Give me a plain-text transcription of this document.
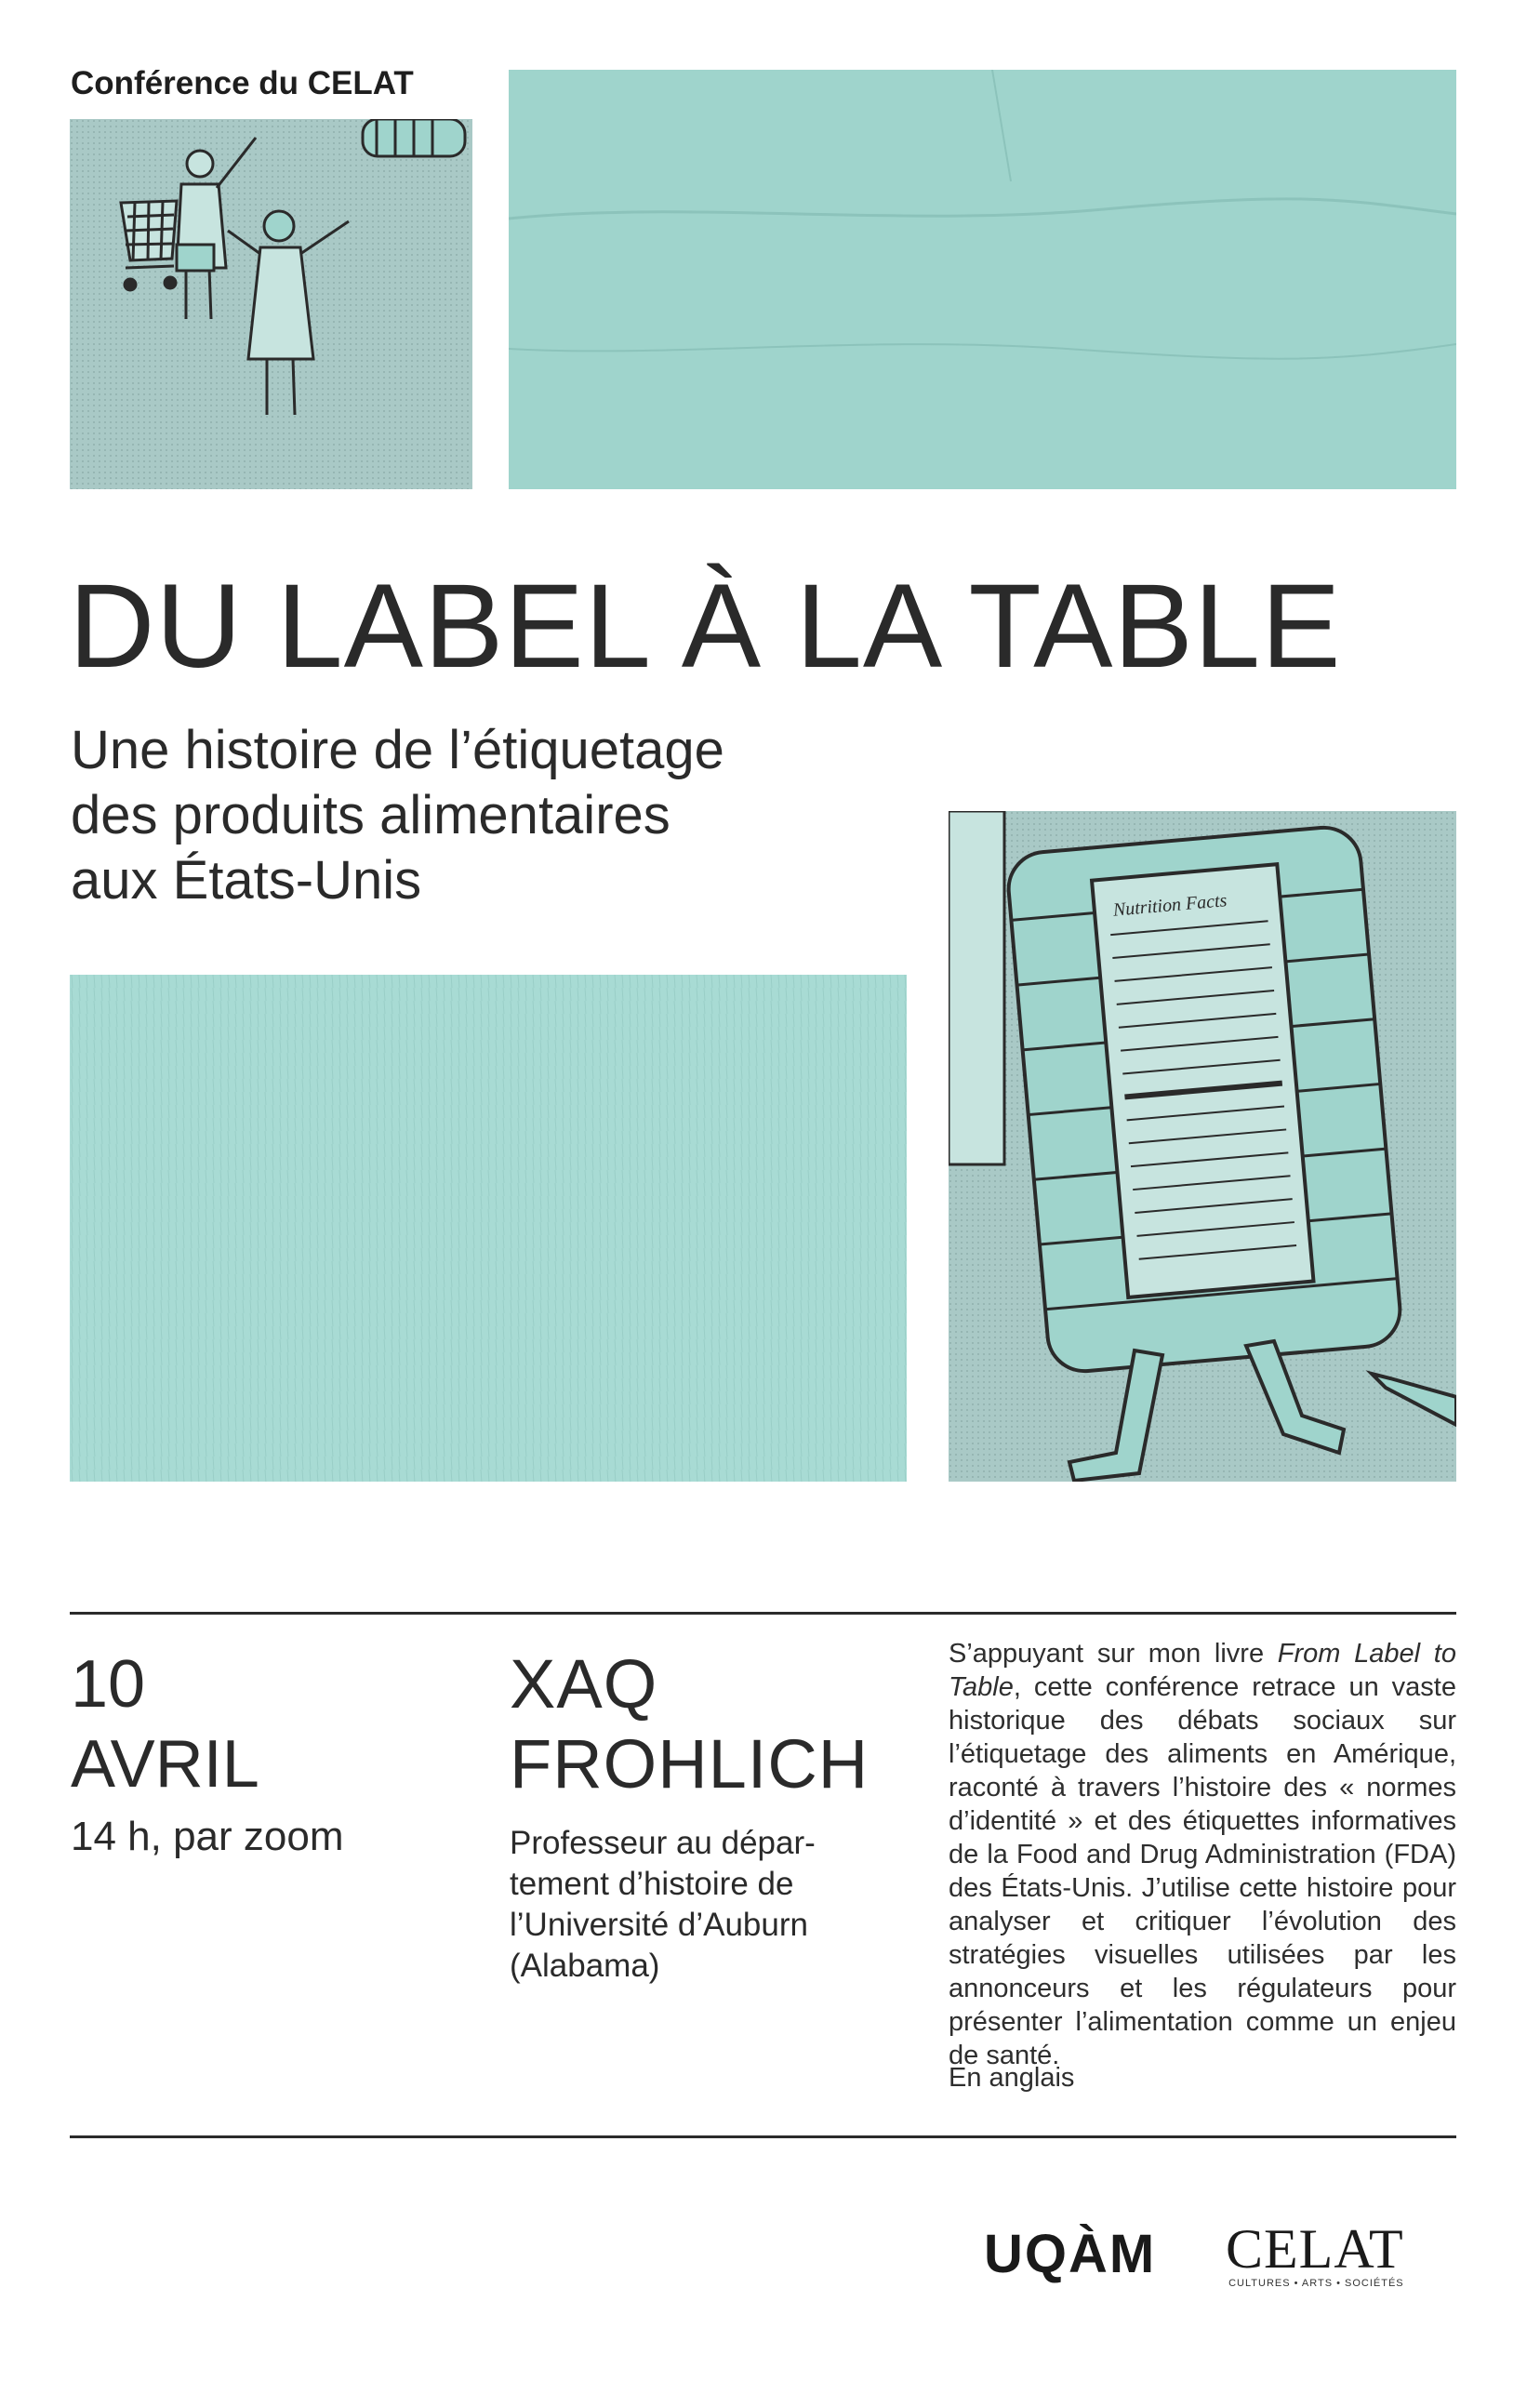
Conférence du CELAT
DU LABEL À LA TABLE
Une histoire de l’étiquetage
des produits alimentaires
aux États-Unis	Nutrition Facts
10
AVRIL
14 h, par zoom
XAQ
FROHLICH
Professeur au dépar-
tement d’histoire de
l’Université d’Auburn
(Alabama)
S’appuyant sur mon livre From Label to Table, cette conférence retrace un vaste historique des débats sociaux sur l’étiquetage des aliments en Amérique, raconté à travers l’histoire des « normes d’identité » et des étiquettes informatives de la Food and Drug Administration (FDA) des États-Unis. J’utilise cette histoire pour analyser et critiquer l’évolution des stratégies visuelles utilisées par les annonceurs et les régulateurs pour présenter l’alimentation comme un enjeu de santé.
En anglais
UQÀM CELAT
CULTURES • ARTS • SOCIÉTÉS
